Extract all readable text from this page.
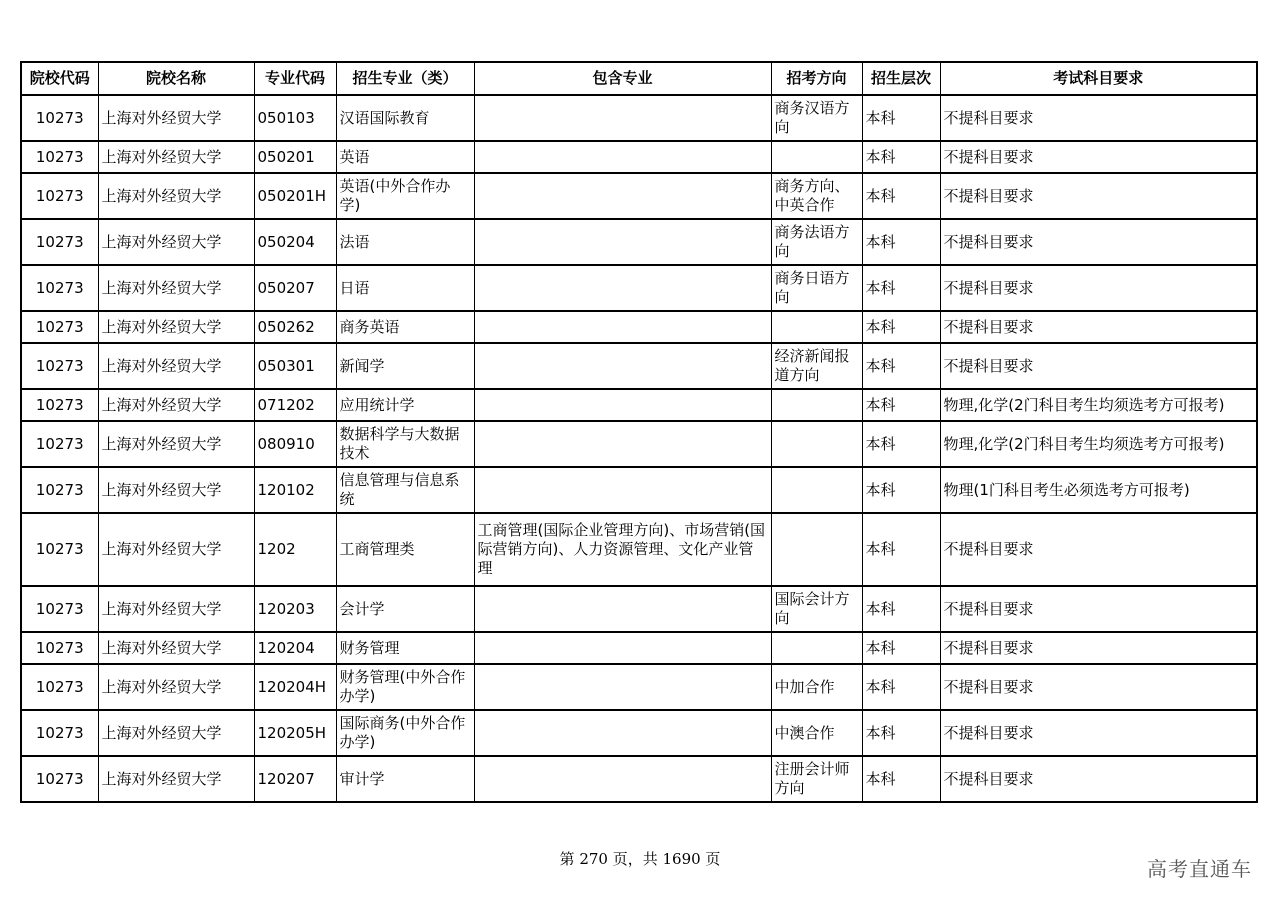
院校代码	院校名称	专业代码	招生专业（类）	包含专业	招考方向	招生层次	考试科目要求
10273	上海对外经贸大学	050103	汉语国际教育		商务汉语方向	本科	不提科目要求
10273	上海对外经贸大学	050201	英语			本科	不提科目要求
10273	上海对外经贸大学	050201H	英语(中外合作办学)		商务方向、中英合作	本科	不提科目要求
10273	上海对外经贸大学	050204	法语		商务法语方向	本科	不提科目要求
10273	上海对外经贸大学	050207	日语		商务日语方向	本科	不提科目要求
10273	上海对外经贸大学	050262	商务英语			本科	不提科目要求
10273	上海对外经贸大学	050301	新闻学		经济新闻报道方向	本科	不提科目要求
10273	上海对外经贸大学	071202	应用统计学			本科	物理,化学(2门科目考生均须选考方可报考)
10273	上海对外经贸大学	080910	数据科学与大数据技术			本科	物理,化学(2门科目考生均须选考方可报考)
10273	上海对外经贸大学	120102	信息管理与信息系统			本科	物理(1门科目考生必须选考方可报考)
10273	上海对外经贸大学	1202	工商管理类	工商管理(国际企业管理方向)、市场营销(国际营销方向)、人力资源管理、文化产业管理		本科	不提科目要求
10273	上海对外经贸大学	120203	会计学		国际会计方向	本科	不提科目要求
10273	上海对外经贸大学	120204	财务管理			本科	不提科目要求
10273	上海对外经贸大学	120204H	财务管理(中外合作办学)		中加合作	本科	不提科目要求
10273	上海对外经贸大学	120205H	国际商务(中外合作办学)		中澳合作	本科	不提科目要求
10273	上海对外经贸大学	120207	审计学		注册会计师方向	本科	不提科目要求
第 270 页，共 1690 页	高考直通车
